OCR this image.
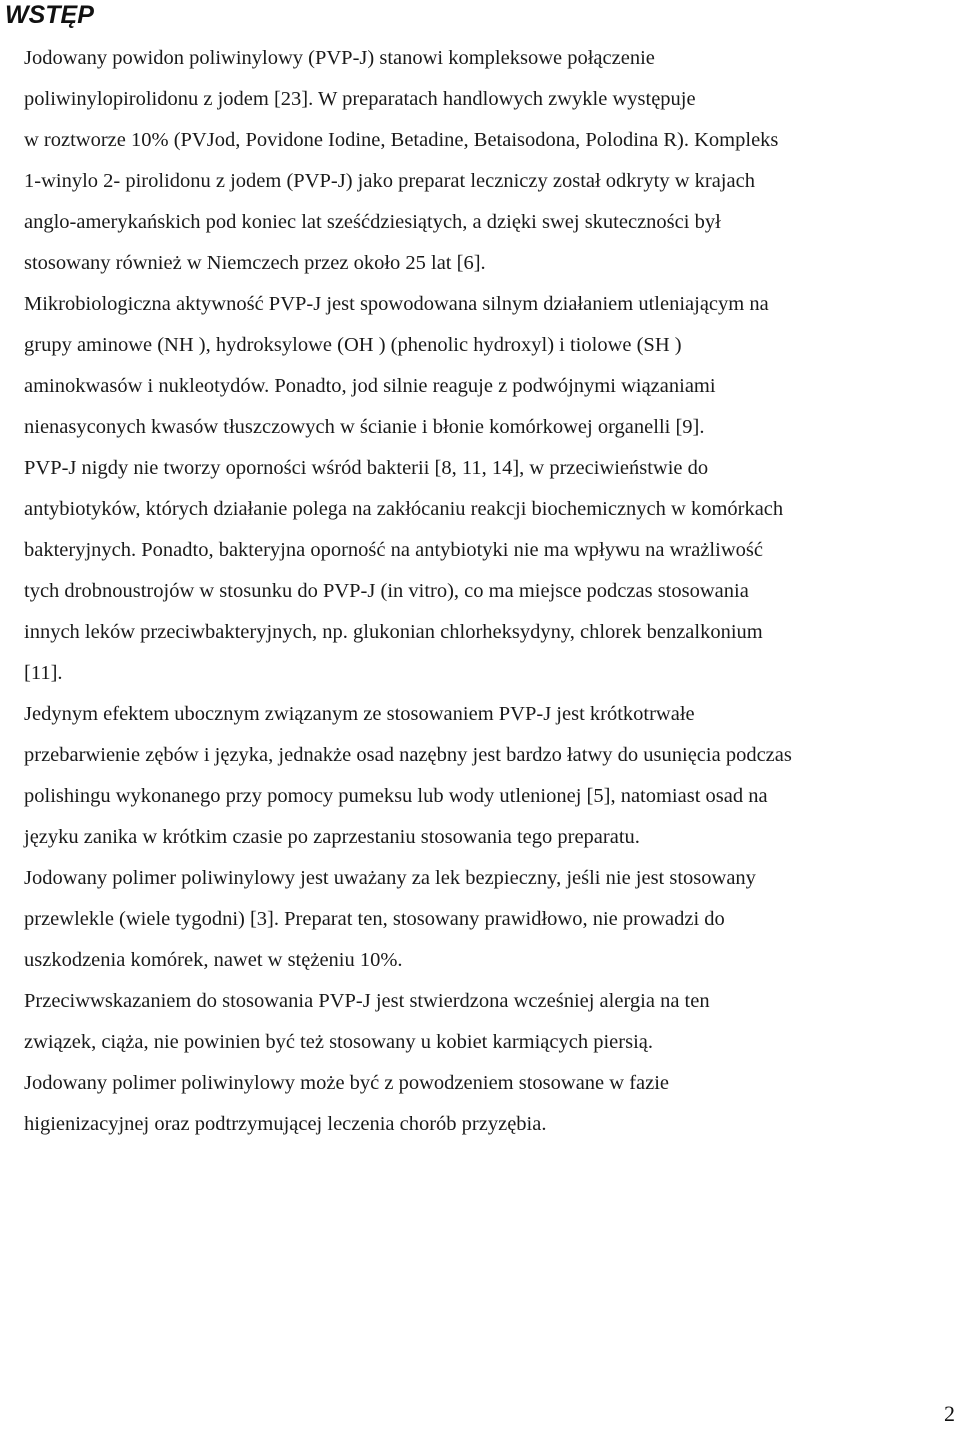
WSTĘP

Jodowany powidon poliwinylowy (PVP-J) stanowi kompleksowe połączenie
poliwinylopirolidonu z jodem [23]. W preparatach handlowych zwykle występuje
w roztworze 10% (PVJod, Povidone Iodine, Betadine, Betaisodona, Polodina R). Kompleks
1-winylo 2- pirolidonu z jodem (PVP-J) jako preparat leczniczy został odkryty w krajach
anglo-amerykańskich pod koniec lat sześćdziesiątych, a dzięki swej skuteczności był
stosowany również w Niemczech przez około 25 lat [6].

Mikrobiologiczna aktywność PVP-J jest spowodowana silnym działaniem utleniającym na
grupy aminowe (NH ), hydroksylowe (OH ) (phenolic hydroxyl) i tiolowe (SH )
aminokwasów i nukleotydów. Ponadto, jod silnie reaguje z podwójnymi wiązaniami
nienasyconych kwasów tłuszczowych w ścianie i błonie komórkowej organelli [9].

PVP-J nigdy nie tworzy oporności wśród bakterii [8, 11, 14], w przeciwieństwie do
antybiotyków, których działanie polega na zakłócaniu reakcji biochemicznych w komórkach
bakteryjnych. Ponadto, bakteryjna oporność na antybiotyki nie ma wpływu na wrażliwość
tych drobnoustrojów w stosunku do PVP-J (in vitro), co ma miejsce podczas stosowania
innych leków przeciwbakteryjnych, np. glukonian chlorheksydyny, chlorek benzalkonium
[11].

Jedynym efektem ubocznym związanym ze stosowaniem PVP-J jest krótkotrwałe
przebarwienie zębów i języka, jednakże osad nazębny jest bardzo łatwy do usunięcia podczas
polishingu wykonanego przy pomocy pumeksu lub wody utlenionej [5], natomiast osad na
języku zanika w krótkim czasie po zaprzestaniu stosowania tego preparatu.

Jodowany polimer poliwinylowy jest uważany za lek bezpieczny, jeśli nie jest stosowany
przewlekle (wiele tygodni) [3]. Preparat ten, stosowany prawidłowo, nie prowadzi do
uszkodzenia komórek, nawet w stężeniu 10%.

Przeciwwskazaniem do stosowania PVP-J jest stwierdzona wcześniej alergia na ten
związek, ciąża, nie powinien być też stosowany u kobiet karmiących piersią.

Jodowany polimer poliwinylowy może być z powodzeniem stosowane w fazie
higienizacyjnej oraz podtrzymującej leczenia chorób przyzębia.

2
